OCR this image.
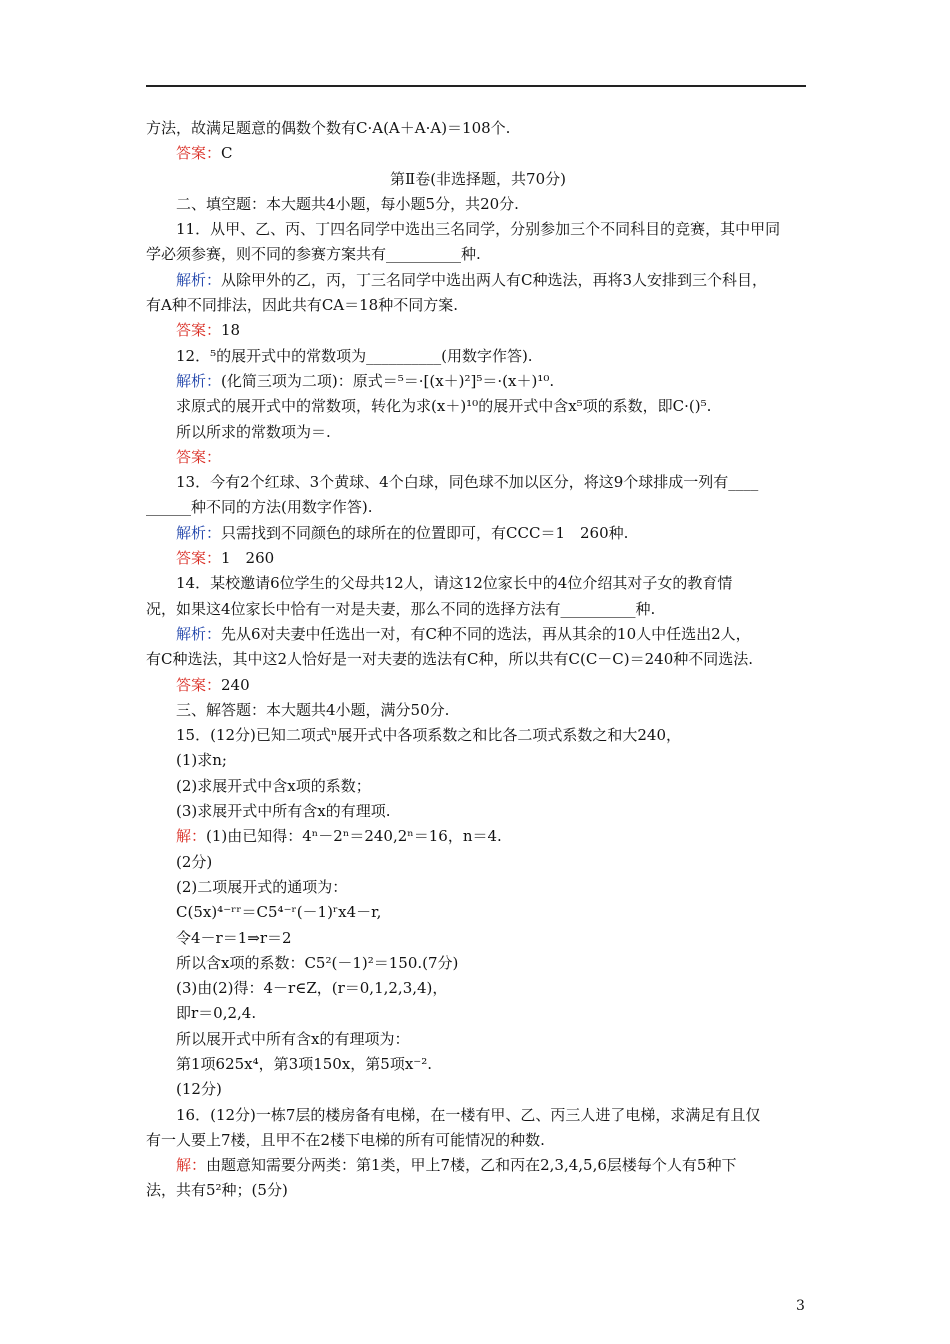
方法，故满足题意的偶数个数有C·A(A＋A·A)＝108个.
答案：C
第Ⅱ卷(非选择题，共70分)
二、填空题：本大题共4小题，每小题5分，共20分.
11．从甲、乙、丙、丁四名同学中选出三名同学，分别参加三个不同科目的竞赛，其中甲同
学必须参赛，则不同的参赛方案共有__________种.
解析：从除甲外的乙，丙，丁三名同学中选出两人有C种选法，再将3人安排到三个科目，
有A种不同排法，因此共有CA＝18种不同方案.
答案：18
12．⁵的展开式中的常数项为__________(用数字作答).
解析：(化简三项为二项)：原式＝⁵＝·[(x＋)²]⁵＝·(x＋)¹⁰.
求原式的展开式中的常数项，转化为求(x＋)¹⁰的展开式中含x⁵项的系数，即C·()⁵.
所以所求的常数项为＝.
答案：
13．今有2个红球、3个黄球、4个白球，同色球不加以区分，将这9个球排成一列有____
______种不同的方法(用数字作答).
解析：只需找到不同颜色的球所在的位置即可，有CCC＝1　260种.
答案：1　260
14．某校邀请6位学生的父母共12人，请这12位家长中的4位介绍其对子女的教育情
况，如果这4位家长中恰有一对是夫妻，那么不同的选择方法有__________种.
解析：先从6对夫妻中任选出一对，有C种不同的选法，再从其余的10人中任选出2人，
有C种选法，其中这2人恰好是一对夫妻的选法有C种，所以共有C(C－C)＝240种不同选法.
答案：240
三、解答题：本大题共4小题，满分50分.
15．(12分)已知二项式ⁿ展开式中各项系数之和比各二项式系数之和大240，
(1)求n;
(2)求展开式中含x项的系数；
(3)求展开式中所有含x的有理项.
解：(1)由已知得：4ⁿ－2ⁿ＝240,2ⁿ＝16，n＝4.
(2分)
(2)二项展开式的通项为：
C(5x)⁴⁻ʳʳ＝C5⁴⁻ʳ(－1)ʳx4－r,
令4－r＝1⇒r＝2
所以含x项的系数：C5²(－1)²＝150.(7分)
(3)由(2)得：4－r∈Z，(r＝0,1,2,3,4)，
即r＝0,2,4.
所以展开式中所有含x的有理项为：
第1项625x⁴，第3项150x，第5项x⁻².
(12分)
16．(12分)一栋7层的楼房备有电梯，在一楼有甲、乙、丙三人进了电梯，求满足有且仅
有一人要上7楼，且甲不在2楼下电梯的所有可能情况的种数.
解：由题意知需要分两类：第1类，甲上7楼，乙和丙在2,3,4,5,6层楼每个人有5种下
法，共有5²种；(5分)
3
